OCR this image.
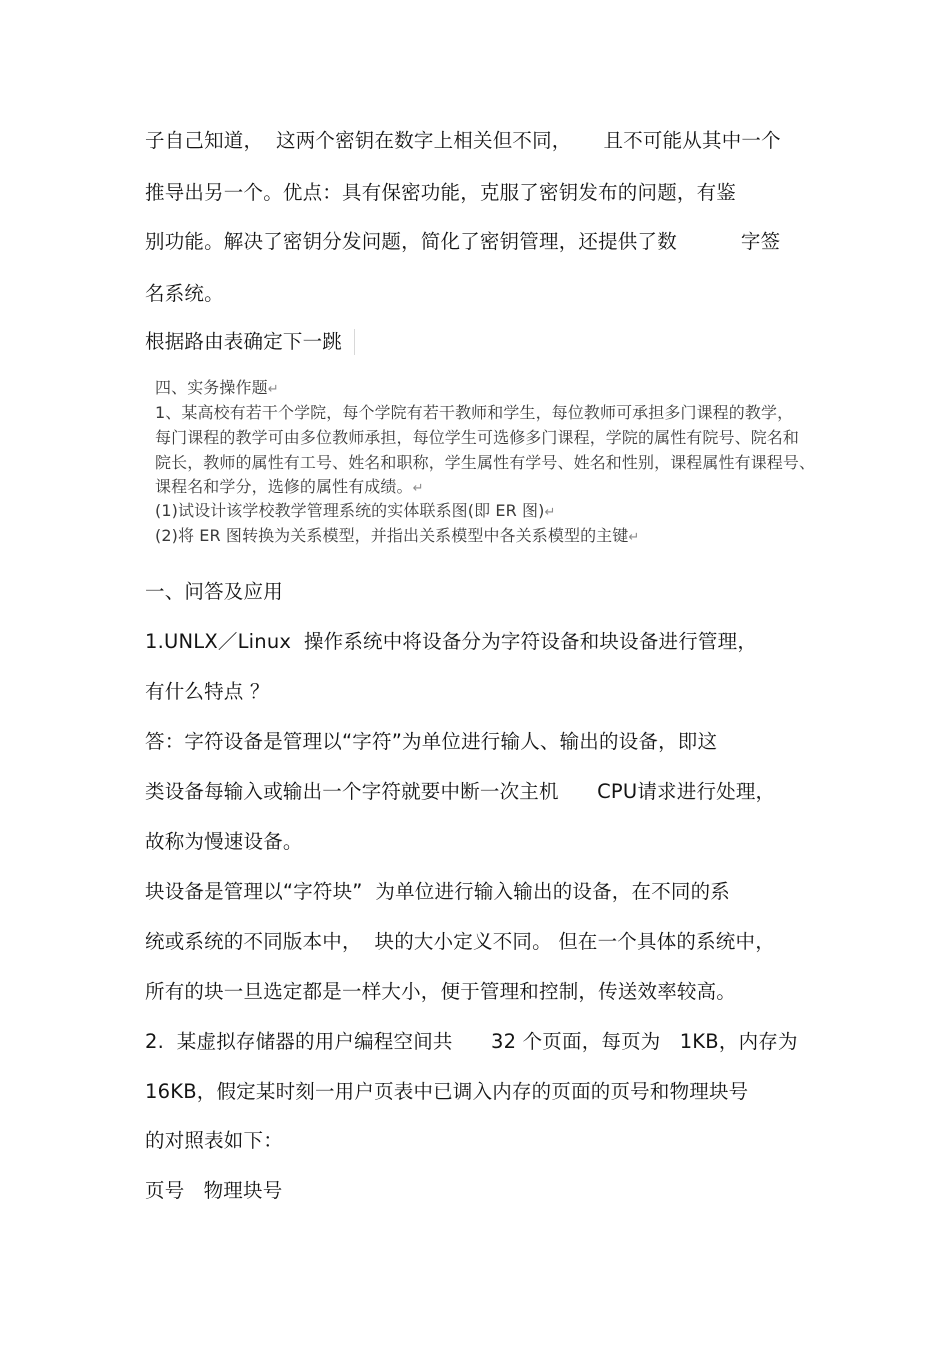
子自己知道，  这两个密钥在数字上相关但不同，     且不可能从其中一个
推导出另一个。优点：具有保密功能，克服了密钥发布的问题，有鉴
别功能。解决了密钥分发问题，简化了密钥管理，还提供了数          字签
名系统。
根据路由表确定下一跳
四、实务操作题↵
1、某高校有若干个学院，每个学院有若干教师和学生，每位教师可承担多门课程的教学，
每门课程的教学可由多位教师承担，每位学生可选修多门课程，学院的属性有院号、院名和
院长，教师的属性有工号、姓名和职称，学生属性有学号、姓名和性别，课程属性有课程号、
课程名和学分，选修的属性有成绩。↵
(1)试设计该学校教学管理系统的实体联系图(即 ER 图)↵
(2)将 ER 图转换为关系模型，并指出关系模型中各关系模型的主键↵
一、问答及应用
1.UNLX／Linux  操作系统中将设备分为字符设备和块设备进行管理，
有什么特点 ？
答：字符设备是管理以“字符”为单位进行输人、输出的设备，即这
类设备每输入或输出一个字符就要中断一次主机      CPU请求进行处理，
故称为慢速设备。
块设备是管理以“字符块”  为单位进行输入输出的设备，在不同的系
统或系统的不同版本中，  块的大小定义不同。 但在一个具体的系统中，
所有的块一旦选定都是一样大小，便于管理和控制，传送效率较高。
2.  某虚拟存储器的用户编程空间共      32 个页面，每页为   1KB，内存为
16KB，假定某时刻一用户页表中已调入内存的页面的页号和物理块号
的对照表如下：
页号   物理块号
